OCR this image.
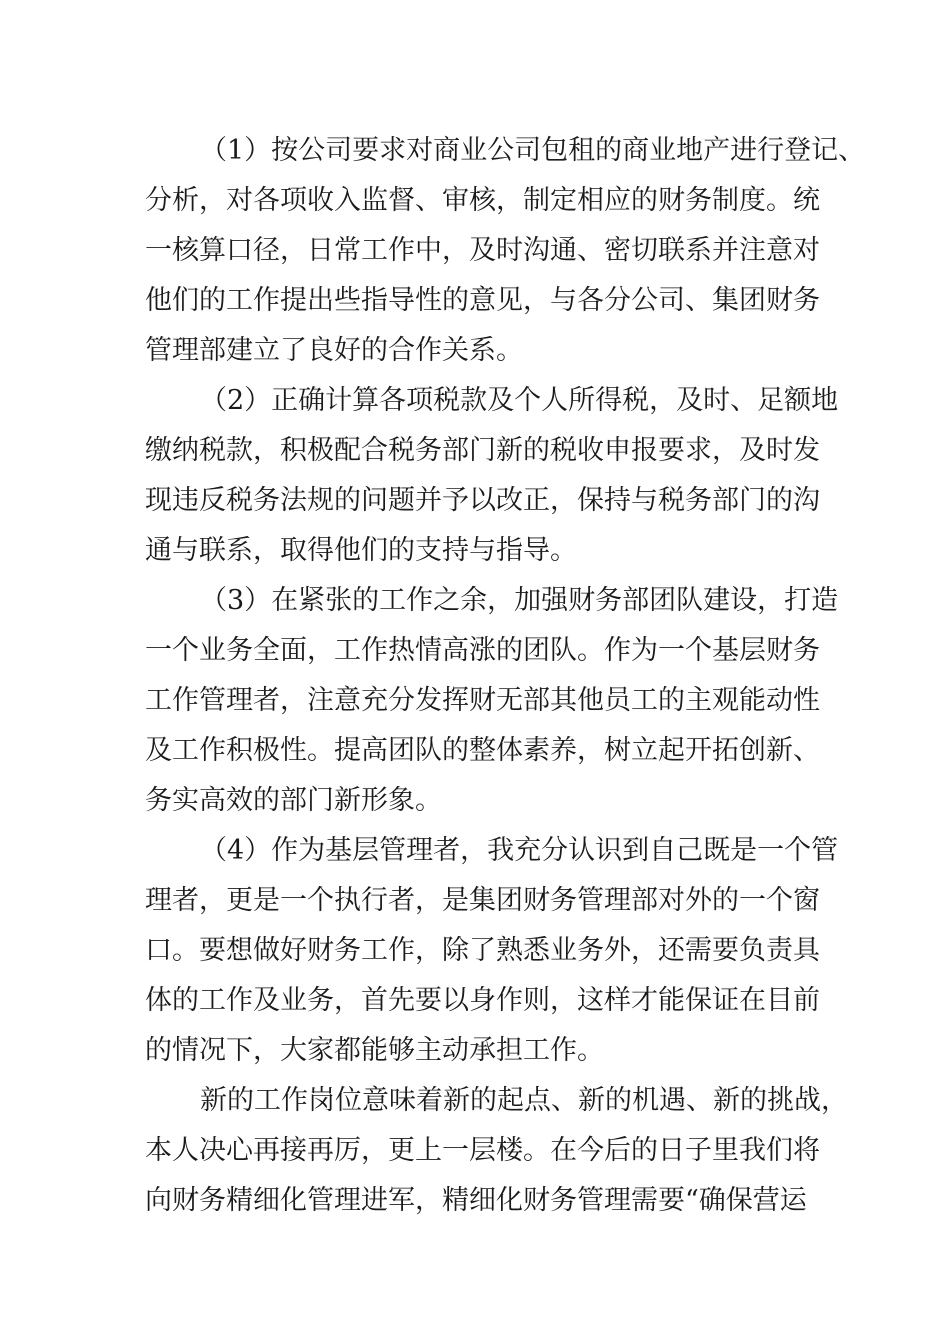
（1）按公司要求对商业公司包租的商业地产进行登记、
分析，对各项收入监督、审核，制定相应的财务制度。统
一核算口径，日常工作中，及时沟通、密切联系并注意对
他们的工作提出些指导性的意见，与各分公司、集团财务
管理部建立了良好的合作关系。
（2）正确计算各项税款及个人所得税，及时、足额地
缴纳税款，积极配合税务部门新的税收申报要求，及时发
现违反税务法规的问题并予以改正，保持与税务部门的沟
通与联系，取得他们的支持与指导。
（3）在紧张的工作之余，加强财务部团队建设，打造
一个业务全面，工作热情高涨的团队。作为一个基层财务
工作管理者，注意充分发挥财无部其他员工的主观能动性
及工作积极性。提高团队的整体素养，树立起开拓创新、
务实高效的部门新形象。
（4）作为基层管理者，我充分认识到自己既是一个管
理者，更是一个执行者，是集团财务管理部对外的一个窗
口。要想做好财务工作，除了熟悉业务外，还需要负责具
体的工作及业务，首先要以身作则，这样才能保证在目前
的情况下，大家都能够主动承担工作。
新的工作岗位意味着新的起点、新的机遇、新的挑战，
本人决心再接再厉，更上一层楼。在今后的日子里我们将
向财务精细化管理进军，精细化财务管理需要“确保营运
